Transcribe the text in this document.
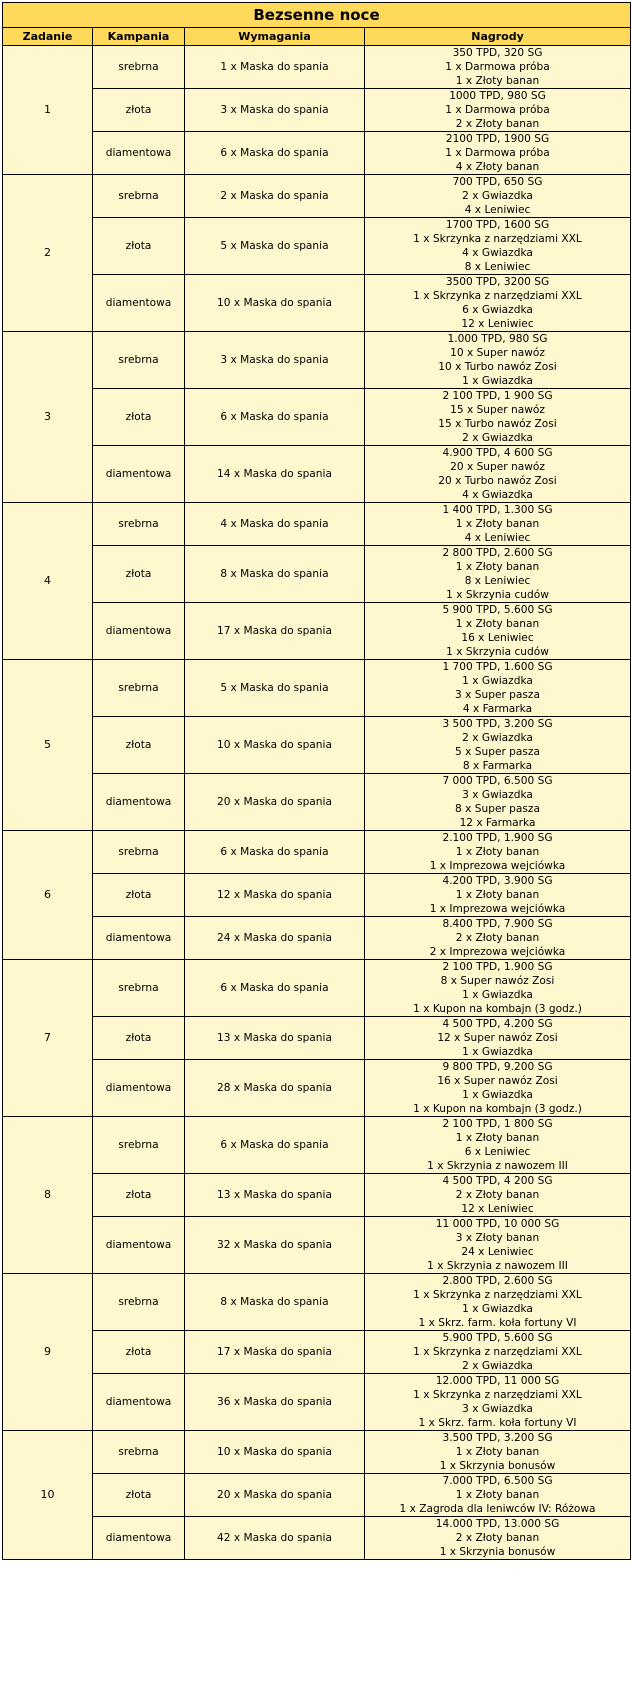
Bezsenne noce			
Zadanie	Kampania	Wymagania	Nagrody
1	srebrna	1 x Maska do spania	350 TPD, 320 SG
1 x Darmowa próba
1 x Złoty banan

	złota	3 x Maska do spania	1000 TPD, 980 SG
1 x Darmowa próba
2 x Złoty banan

	diamentowa	6 x Maska do spania	2100 TPD, 1900 SG
1 x Darmowa próba
4 x Złoty banan

2	srebrna	2 x Maska do spania	700 TPD, 650 SG
2 x Gwiazdka
4 x Leniwiec

	złota	5 x Maska do spania	1700 TPD, 1600 SG
1 x Skrzynka z narzędziami XXL
4 x Gwiazdka
8 x Leniwiec

	diamentowa	10 x Maska do spania	3500 TPD, 3200 SG
1 x Skrzynka z narzędziami XXL
6 x Gwiazdka
12 x Leniwiec

3	srebrna	3 x Maska do spania	1.000 TPD, 980 SG
10 x Super nawóz
10 x Turbo nawóz Zosi
1 x Gwiazdka

	złota	6 x Maska do spania	2 100 TPD, 1 900 SG
15 x Super nawóz
15 x Turbo nawóz Zosi
2 x Gwiazdka

	diamentowa	14 x Maska do spania	4.900 TPD, 4 600 SG
20 x Super nawóz
20 x Turbo nawóz Zosi
4 x Gwiazdka

4	srebrna	4 x Maska do spania	1 400 TPD, 1.300 SG
1 x Złoty banan
4 x Leniwiec

	złota	8 x Maska do spania	2 800 TPD, 2.600 SG
1 x Złoty banan
8 x Leniwiec
1 x Skrzynia cudów

	diamentowa	17 x Maska do spania	5 900 TPD, 5.600 SG
1 x Złoty banan
16 x Leniwiec
1 x Skrzynia cudów

5	srebrna	5 x Maska do spania	1 700 TPD, 1.600 SG
1 x Gwiazdka
3 x Super pasza
4 x Farmarka

	złota	10 x Maska do spania	3 500 TPD, 3.200 SG
2 x Gwiazdka
5 x Super pasza
8 x Farmarka

	diamentowa	20 x Maska do spania	7 000 TPD, 6.500 SG
3 x Gwiazdka
8 x Super pasza
12 x Farmarka

6	srebrna	6 x Maska do spania	2.100 TPD, 1.900 SG
1 x Złoty banan
1 x Imprezowa wejciówka

	złota	12 x Maska do spania	4.200 TPD, 3.900 SG
1 x Złoty banan
1 x Imprezowa wejciówka

	diamentowa	24 x Maska do spania	8.400 TPD, 7.900 SG
2 x Złoty banan
2 x Imprezowa wejciówka

7	srebrna	6 x Maska do spania	2 100 TPD, 1.900 SG
8 x Super nawóz Zosi
1 x Gwiazdka
1 x Kupon na kombajn (3 godz.)

	złota	13 x Maska do spania	4 500 TPD, 4.200 SG
12 x Super nawóz Zosi
1 x Gwiazdka

	diamentowa	28 x Maska do spania	9 800 TPD, 9.200 SG
16 x Super nawóz Zosi
1 x Gwiazdka
1 x Kupon na kombajn (3 godz.)

8	srebrna	6 x Maska do spania	2 100 TPD, 1 800 SG
1 x Złoty banan
6 x Leniwiec
1 x Skrzynia z nawozem III

	złota	13 x Maska do spania	4 500 TPD, 4 200 SG
2 x Złoty banan
12 x Leniwiec

	diamentowa	32 x Maska do spania	11 000 TPD, 10 000 SG
3 x Złoty banan
24 x Leniwiec
1 x Skrzynia z nawozem III

9	srebrna	8 x Maska do spania	2.800 TPD, 2.600 SG
1 x Skrzynka z narzędziami XXL
1 x Gwiazdka
1 x Skrz. farm. koła fortuny VI

	złota	17 x Maska do spania	5.900 TPD, 5.600 SG
1 x Skrzynka z narzędziami XXL
2 x Gwiazdka

	diamentowa	36 x Maska do spania	12.000 TPD, 11 000 SG
1 x Skrzynka z narzędziami XXL
3 x Gwiazdka
1 x Skrz. farm. koła fortuny VI

10	srebrna	10 x Maska do spania	3.500 TPD, 3.200 SG
1 x Złoty banan
1 x Skrzynia bonusów

	złota	20 x Maska do spania	7.000 TPD, 6.500 SG
1 x Złoty banan
1 x Zagroda dla leniwców IV: Różowa

	diamentowa	42 x Maska do spania	14.000 TPD, 13.000 SG
2 x Złoty banan
1 x Skrzynia bonusów
